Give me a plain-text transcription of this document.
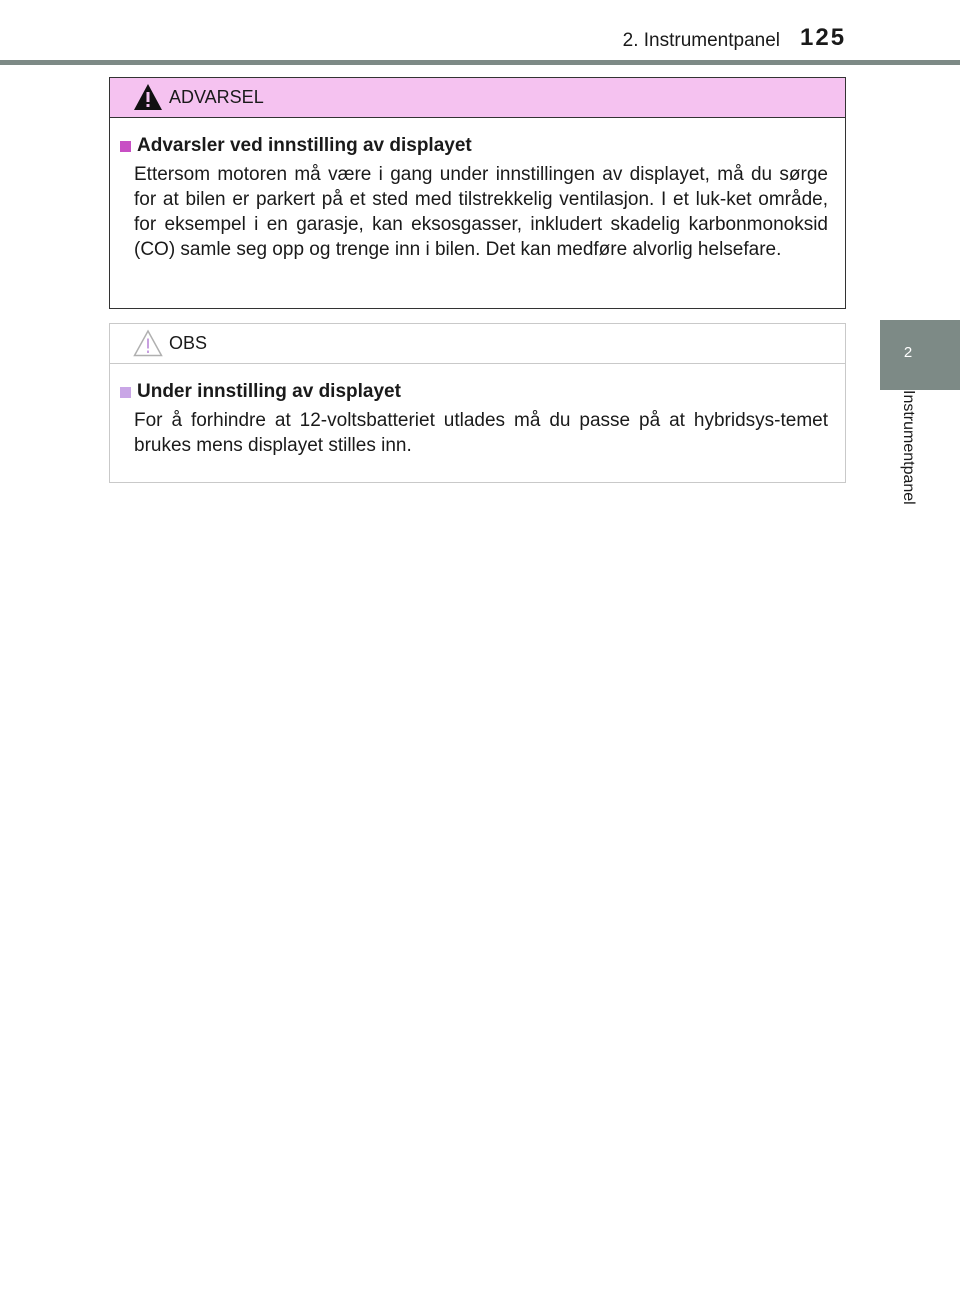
2. Instrumentpanel 125
2
Instrumentpanel
ADVARSEL
Advarsler ved innstilling av displayet

Ettersom motoren må være i gang under innstillingen av displayet, må du sørge for at bilen er parkert på et sted med tilstrekkelig ventilasjon. I et luk-ket område, for eksempel i en garasje, kan eksosgasser, inkludert skadelig karbonmonoksid (CO) samle seg opp og trenge inn i bilen. Det kan medføre alvorlig helsefare.

OBS
Under innstilling av displayet

For å forhindre at 12-voltsbatteriet utlades må du passe på at hybridsys-temet brukes mens displayet stilles inn.
